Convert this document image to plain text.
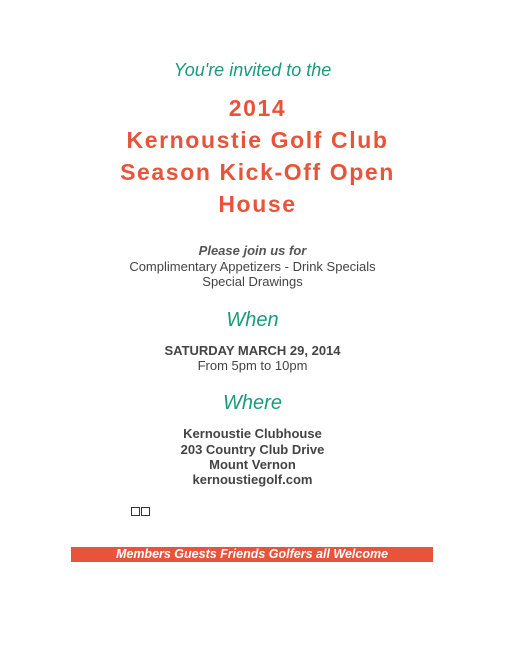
You're invited to the
2014
Kernoustie Golf Club
Season Kick-Off Open
House
Please join us for
Complimentary Appetizers - Drink Specials
Special Drawings
When
SATURDAY MARCH 29, 2014
From 5pm to 10pm
Where
Kernoustie Clubhouse
203 Country Club Drive
Mount Vernon
kernoustiegolf.com
Members Guests Friends Golfers all Welcome
